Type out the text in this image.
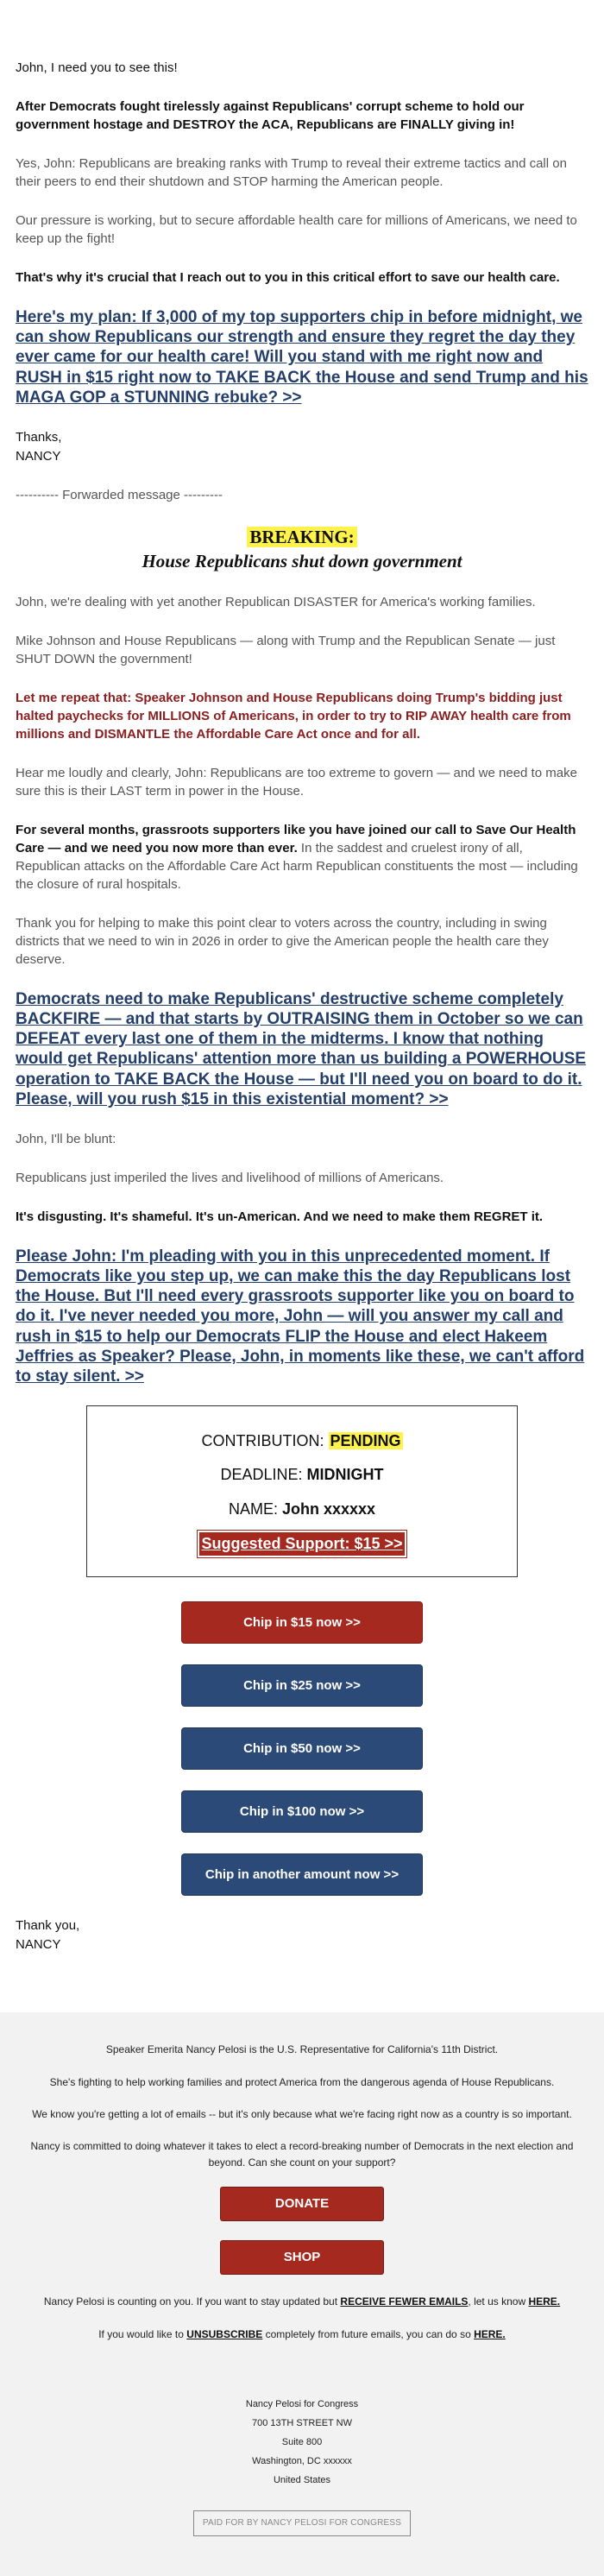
John, I need you to see this!
After Democrats fought tirelessly against Republicans' corrupt scheme to hold our government hostage and DESTROY the ACA, Republicans are FINALLY giving in!
Yes, John: Republicans are breaking ranks with Trump to reveal their extreme tactics and call on their peers to end their shutdown and STOP harming the American people.
Our pressure is working, but to secure affordable health care for millions of Americans, we need to keep up the fight!
That's why it's crucial that I reach out to you in this critical effort to save our health care.
Here's my plan: If 3,000 of my top supporters chip in before midnight, we can show Republicans our strength and ensure they regret the day they ever came for our health care! Will you stand with me right now and RUSH in $15 right now to TAKE BACK the House and send Trump and his MAGA GOP a STUNNING rebuke? >>
Thanks,
NANCY
---------- Forwarded message ---------
BREAKING:
House Republicans shut down government
John, we're dealing with yet another Republican DISASTER for America's working families.
Mike Johnson and House Republicans — along with Trump and the Republican Senate — just SHUT DOWN the government!
Let me repeat that: Speaker Johnson and House Republicans doing Trump's bidding just halted paychecks for MILLIONS of Americans, in order to try to RIP AWAY health care from millions and DISMANTLE the Affordable Care Act once and for all.
Hear me loudly and clearly, John: Republicans are too extreme to govern — and we need to make sure this is their LAST term in power in the House.
For several months, grassroots supporters like you have joined our call to Save Our Health Care — and we need you now more than ever. In the saddest and cruelest irony of all, Republican attacks on the Affordable Care Act harm Republican constituents the most — including the closure of rural hospitals.
Thank you for helping to make this point clear to voters across the country, including in swing districts that we need to win in 2026 in order to give the American people the health care they deserve.
Democrats need to make Republicans' destructive scheme completely BACKFIRE — and that starts by OUTRAISING them in October so we can DEFEAT every last one of them in the midterms. I know that nothing would get Republicans' attention more than us building a POWERHOUSE operation to TAKE BACK the House — but I'll need you on board to do it. Please, will you rush $15 in this existential moment? >>
John, I'll be blunt:
Republicans just imperiled the lives and livelihood of millions of Americans.
It's disgusting. It's shameful. It's un-American. And we need to make them REGRET it.
Please John: I'm pleading with you in this unprecedented moment. If Democrats like you step up, we can make this the day Republicans lost the House. But I'll need every grassroots supporter like you on board to do it. I've never needed you more, John — will you answer my call and rush in $15 to help our Democrats FLIP the House and elect Hakeem Jeffries as Speaker? Please, John, in moments like these, we can't afford to stay silent. >>
CONTRIBUTION: PENDING
DEADLINE: MIDNIGHT
NAME: John xxxxxx
Suggested Support: $15 >>
Chip in $15 now >>
Chip in $25 now >>
Chip in $50 now >>
Chip in $100 now >>
Chip in another amount now >>
Thank you,
NANCY
Speaker Emerita Nancy Pelosi is the U.S. Representative for California's 11th District.
She's fighting to help working families and protect America from the dangerous agenda of House Republicans.
We know you're getting a lot of emails -- but it's only because what we're facing right now as a country is so important.
Nancy is committed to doing whatever it takes to elect a record-breaking number of Democrats in the next election and beyond. Can she count on your support?
DONATE
SHOP
Nancy Pelosi is counting on you. If you want to stay updated but RECEIVE FEWER EMAILS, let us know HERE.
If you would like to UNSUBSCRIBE completely from future emails, you can do so HERE.
Nancy Pelosi for Congress
700 13TH STREET NW
Suite 800
Washington, DC xxxxxx
United States
PAID FOR BY NANCY PELOSI FOR CONGRESS
